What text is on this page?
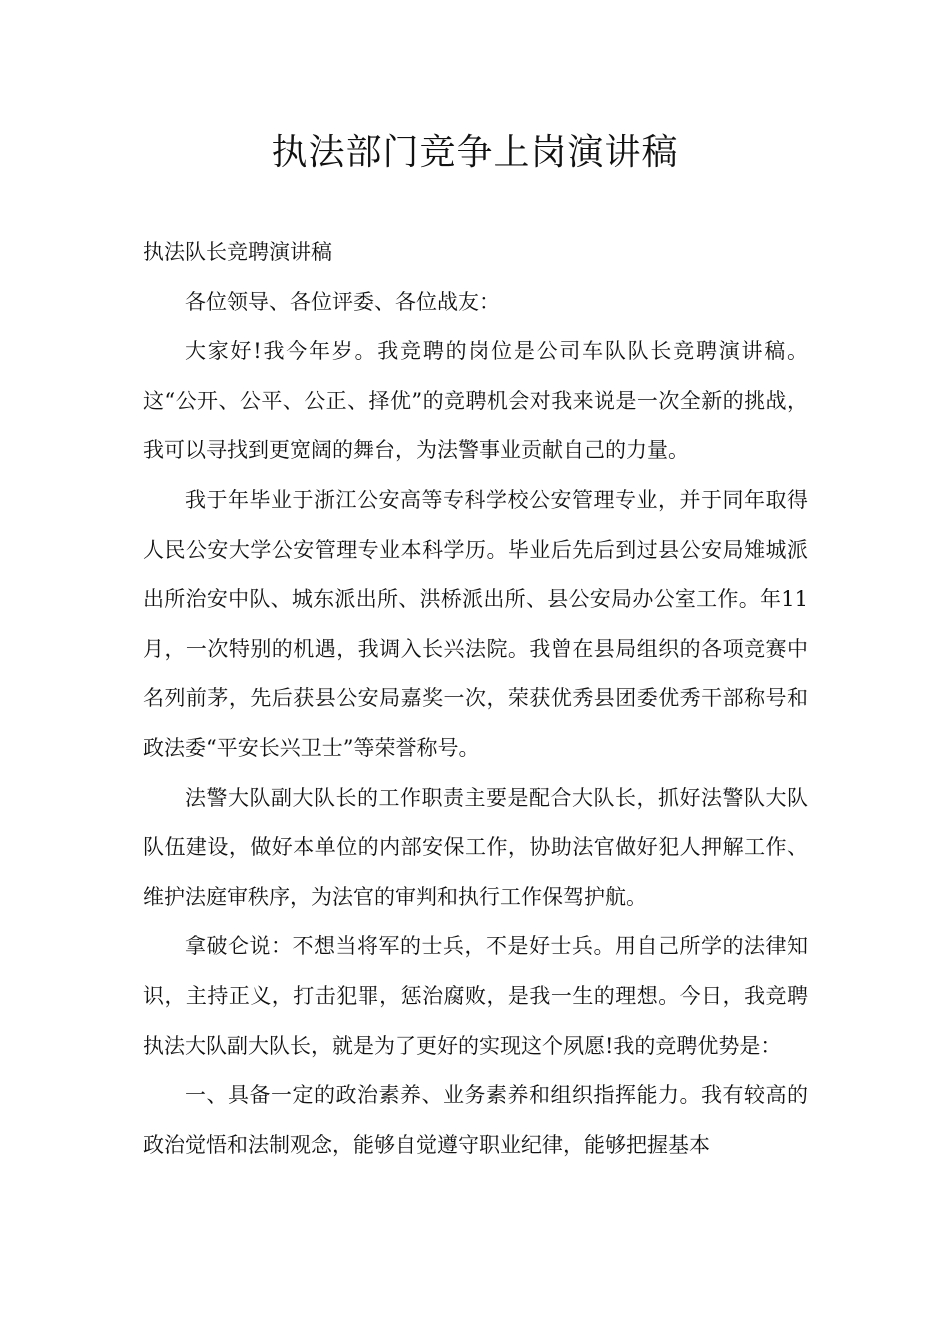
执法部门竞争上岗演讲稿

执法队长竞聘演讲稿

各位领导、各位评委、各位战友：

大家好!我今年岁。我竞聘的岗位是公司车队队长竞聘演讲稿。这“公开、公平、公正、择优”的竞聘机会对我来说是一次全新的挑战，我可以寻找到更宽阔的舞台，为法警事业贡献自己的力量。

我于年毕业于浙江公安高等专科学校公安管理专业，并于同年取得人民公安大学公安管理专业本科学历。毕业后先后到过县公安局雉城派出所治安中队、城东派出所、洪桥派出所、县公安局办公室工作。年11月，一次特别的机遇，我调入长兴法院。我曾在县局组织的各项竞赛中名列前茅，先后获县公安局嘉奖一次，荣获优秀县团委优秀干部称号和政法委“平安长兴卫士”等荣誉称号。

法警大队副大队长的工作职责主要是配合大队长，抓好法警队大队队伍建设，做好本单位的内部安保工作，协助法官做好犯人押解工作、维护法庭审秩序，为法官的审判和执行工作保驾护航。

拿破仑说：不想当将军的士兵，不是好士兵。用自己所学的法律知识，主持正义，打击犯罪，惩治腐败，是我一生的理想。今日，我竞聘执法大队副大队长，就是为了更好的实现这个夙愿!我的竞聘优势是：

一、具备一定的政治素养、业务素养和组织指挥能力。我有较高的政治觉悟和法制观念，能够自觉遵守职业纪律，能够把握基本
